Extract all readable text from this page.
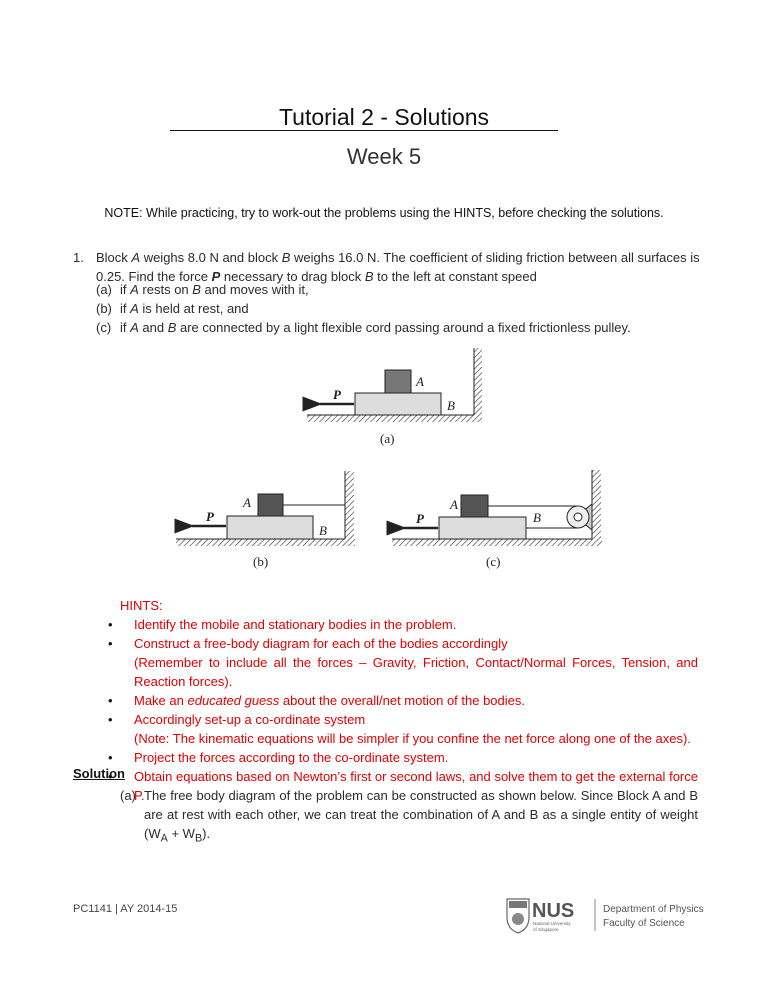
Tutorial 2 - Solutions
Week 5
NOTE: While practicing, try to work-out the problems using the HINTS, before checking the solutions.
1. Block A weighs 8.0 N and block B weighs 16.0 N. The coefficient of sliding friction between all surfaces is 0.25. Find the force P necessary to drag block B to the left at constant speed
(a) if A rests on B and moves with it,
(b) if A is held at rest, and
(c) if A and B are connected by a light flexible cord passing around a fixed frictionless pulley.
P
A
B
(a)
P
A
B
(b)
P
A
B
(c)
HINTS:
• Identify the mobile and stationary bodies in the problem.
• Construct a free-body diagram for each of the bodies accordingly
(Remember to include all the forces – Gravity, Friction, Contact/Normal Forces, Tension, and Reaction forces).
• Make an educated guess about the overall/net motion of the bodies.
• Accordingly set-up a co-ordinate system
(Note: The kinematic equations will be simpler if you confine the net force along one of the axes).
• Project the forces according to the co-ordinate system.
• Obtain equations based on Newton’s first or second laws, and solve them to get the external force P.
Solution
(a) The free body diagram of the problem can be constructed as shown below. Since Block A and B are at rest with each other, we can treat the combination of A and B as a single entity of weight $(W_A + W_B)$.
PC1141 | AY 2014-15	NUS
National University
of Singapore
Department of Physics
Faculty of Science
